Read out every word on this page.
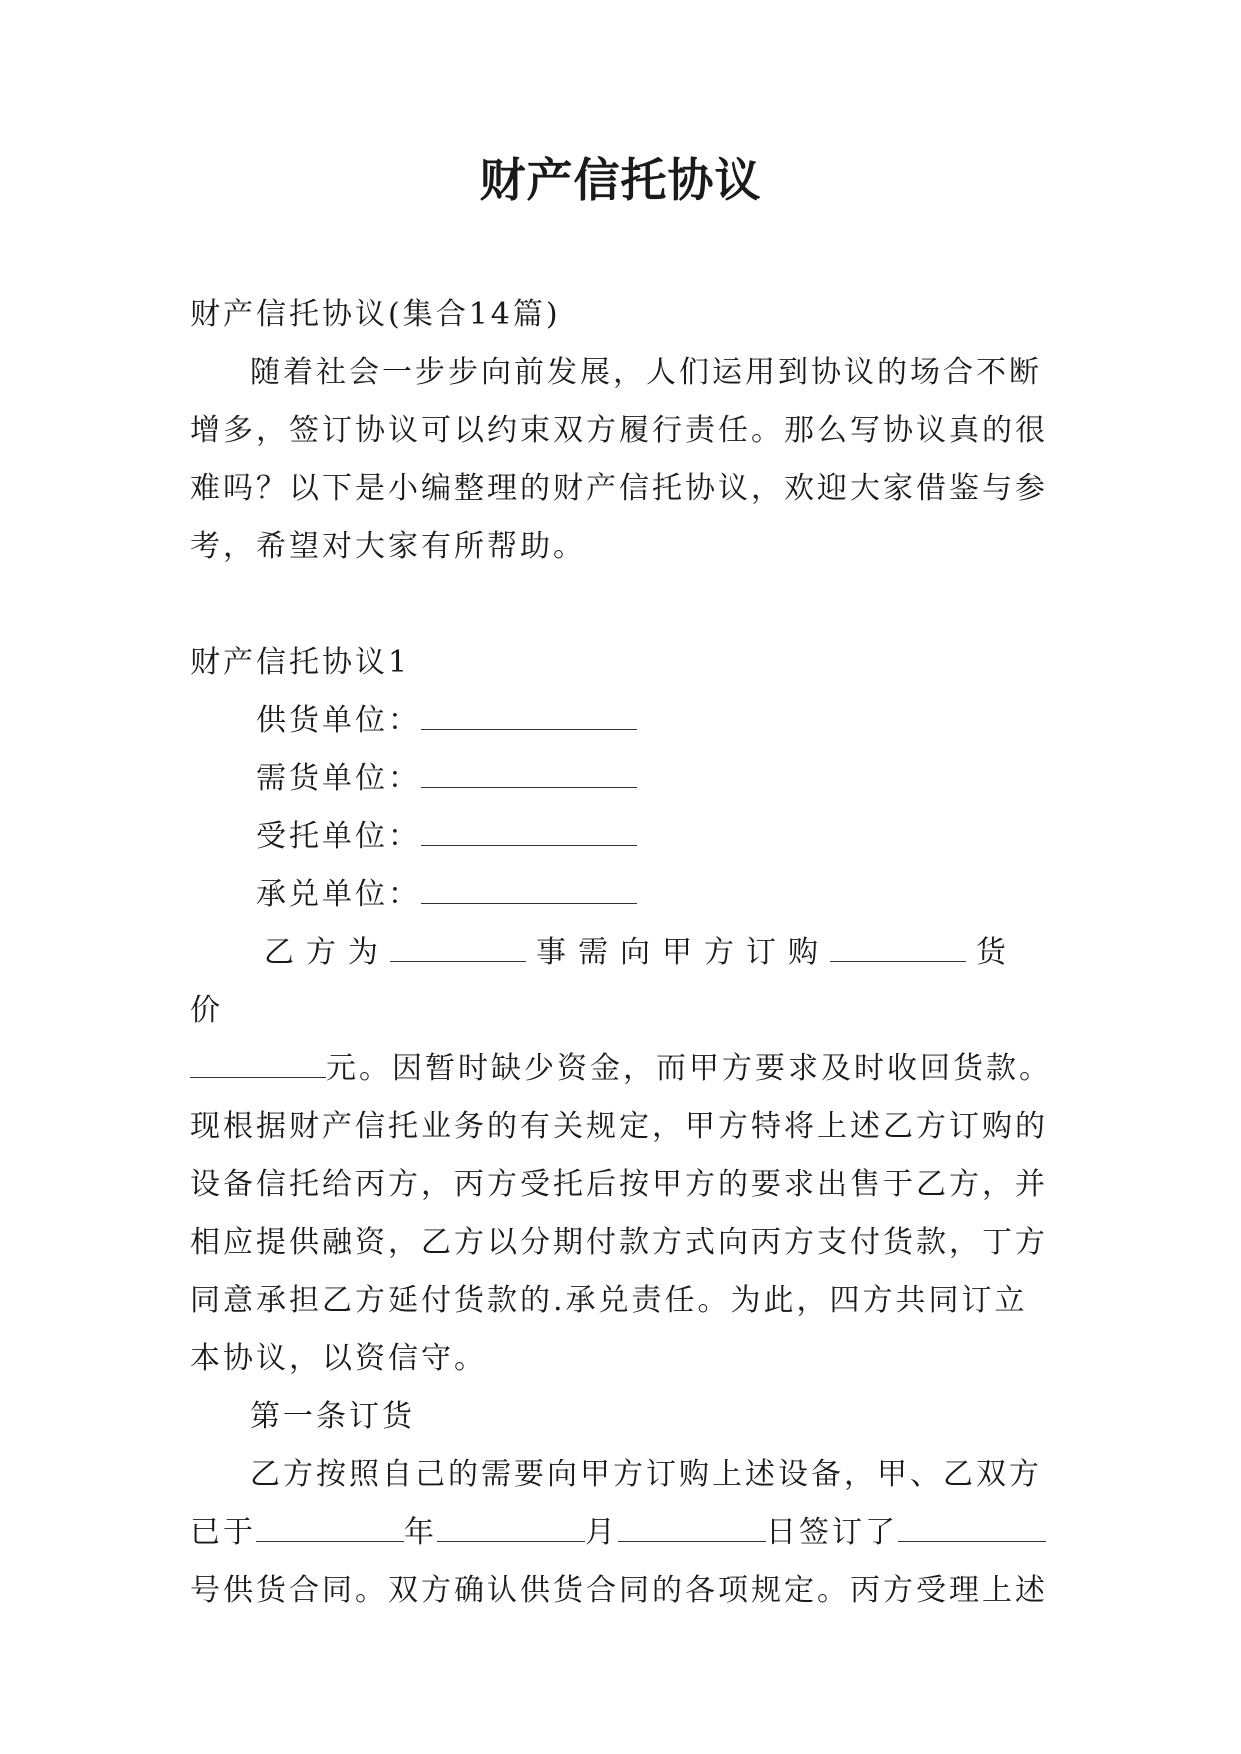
财产信托协议

财产信托协议(集合14篇)

随着社会一步步向前发展，人们运用到协议的场合不断增多，签订协议可以约束双方履行责任。那么写协议真的很难吗？以下是小编整理的财产信托协议，欢迎大家借鉴与参考，希望对大家有所帮助。

财产信托协议1

供货单位：

需货单位：

受托单位：

承兑单位：

乙方为	事需向甲方订购	货价
元。因暂时缺少资金，而甲方要求及时收回货款。现根据财产信托业务的有关规定，甲方特将上述乙方订购的设备信托给丙方，丙方受托后按甲方的要求出售于乙方，并相应提供融资，乙方以分期付款方式向丙方支付货款，丁方同意承担乙方延付货款的.承兑责任。为此，四方共同订立本协议，以资信守。

第一条订货

乙方按照自己的需要向甲方订购上述设备，甲、乙双方已于	年	月	日签订了号供货合同。双方确认供货合同的各项规定。丙方受理上述
